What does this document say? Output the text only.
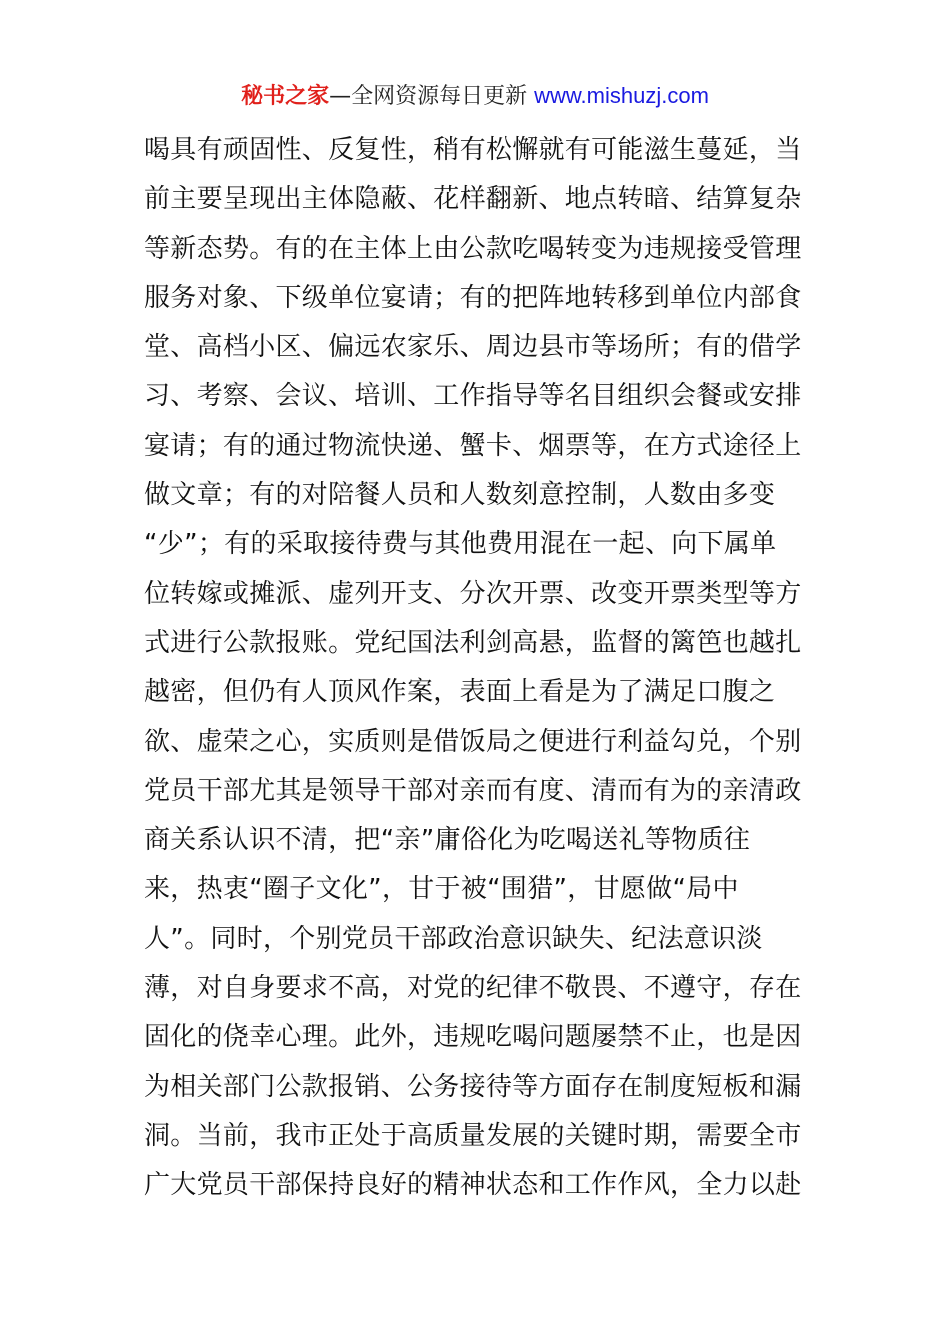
秘书之家—全网资源每日更新 www.mishuzj.com
喝具有顽固性、反复性，稍有松懈就有可能滋生蔓延，当
前主要呈现出主体隐蔽、花样翻新、地点转暗、结算复杂
等新态势。有的在主体上由公款吃喝转变为违规接受管理
服务对象、下级单位宴请；有的把阵地转移到单位内部食
堂、高档小区、偏远农家乐、周边县市等场所；有的借学
习、考察、会议、培训、工作指导等名目组织会餐或安排
宴请；有的通过物流快递、蟹卡、烟票等，在方式途径上
做文章；有的对陪餐人员和人数刻意控制，人数由多变
“少”；有的采取接待费与其他费用混在一起、向下属单
位转嫁或摊派、虚列开支、分次开票、改变开票类型等方
式进行公款报账。党纪国法利剑高悬，监督的篱笆也越扎
越密，但仍有人顶风作案，表面上看是为了满足口腹之
欲、虚荣之心，实质则是借饭局之便进行利益勾兑，个别
党员干部尤其是领导干部对亲而有度、清而有为的亲清政
商关系认识不清，把“亲”庸俗化为吃喝送礼等物质往
来，热衷“圈子文化”，甘于被“围猎”，甘愿做“局中
人”。同时，个别党员干部政治意识缺失、纪法意识淡
薄，对自身要求不高，对党的纪律不敬畏、不遵守，存在
固化的侥幸心理。此外，违规吃喝问题屡禁不止，也是因
为相关部门公款报销、公务接待等方面存在制度短板和漏
洞。当前，我市正处于高质量发展的关键时期，需要全市
广大党员干部保持良好的精神状态和工作作风，全力以赴
